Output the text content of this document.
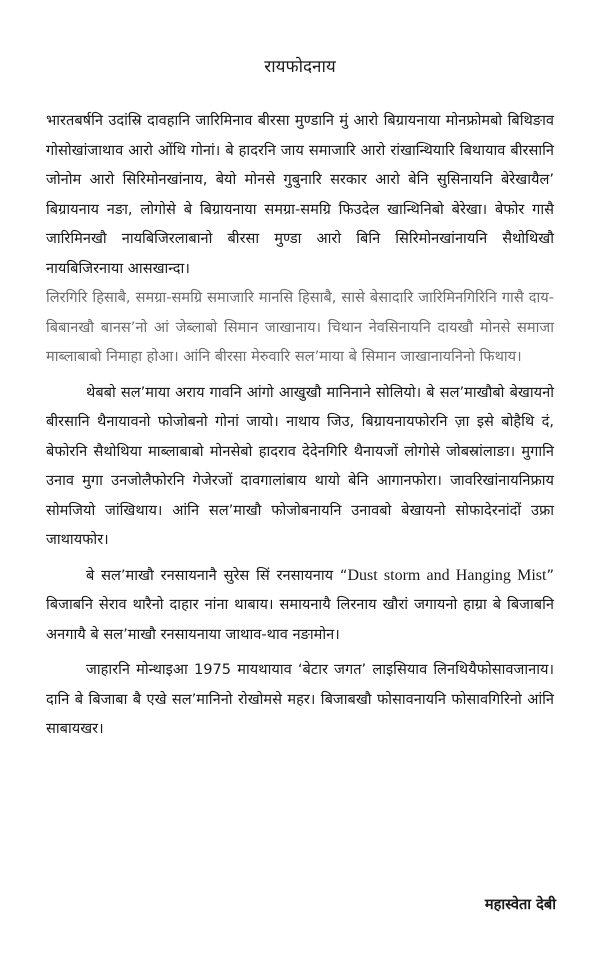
रायफोदनाय

भारतबर्षनि उदांस्रि दावहानि जारिमिनाव बीरसा मुण्डानि मुं आरो बिग्रायनाया मोनफ्रोमबो बिथिङाव गोसोखांजाथाव आरो ओंथि गोनां। बे हादरनि जाय समाजारि आरो रांखान्थियारि बिथायाव बीरसानि जोनोम आरो सिरिमोनखांनाय, बेयो मोनसे गुबुनारि सरकार आरो बेनि सुसिनायनि बेरेखायैल’ बिग्रायनाय नङा, लोगोसे बे बिग्रायनाया समग्रा-समग्रि फिउदेल खान्थिनिबो बेरेखा। बेफोर गासै जारिमिनखौ नायबिजिरलाबानो बीरसा मुण्डा आरो बिनि सिरिमोनखांनायनि सैथोथिखौ नायबिजिरनाया आसखान्दा।

लिरगिरि हिसाबै, समग्रा-समग्रि समाजारि मानसि हिसाबै, सासे बेसादारि जारिमिनगिरिनि गासै दाय-बिबानखौ बानस’नो आं जेब्लाबो सिमान जाखानाय। चिथान नेवसिनायनि दायखौ मोनसे समाजा माब्लाबाबो निमाहा होआ। आंनि बीरसा मेरुवारि सल’माया बे सिमान जाखानायनिनो फिथाय।

थेबबो सल’माया अराय गावनि आंगो आखुखौ मानिनाने सोलियो। बे सल’माखौबो बेखायनो बीरसानि थैनायावनो फोजोबनो गोनां जायो। नाथाय जिउ, बिग्रायनायफोरनि ज़ा इसे बोहैथि दं, बेफोरनि सैथोथिया माब्लाबाबो मोनसेबो हादराव देदेनगिरि थैनायजों लोगोसे जोबस्रांलाङा। मुगानि उनाव मुगा उनजोलैफोरनि गेजेरजों दावगालांबाय थायो बेनि आगानफोरा। जावरिखांनायनिफ्राय सोमजियो जांखिथाय। आंनि सल’माखौ फोजोबनायनि उनावबो बेखायनो सोफादेरनांदों उफ्रा जाथायफोर।

बे सल’माखौ रनसायनानै सुरेस सिं रनसायनाय “Dust storm and Hanging Mist” बिजाबनि सेराव थारैनो दाहार नांना थाबाय। समायनायै लिरनाय खौरां जगायनो हाग्रा बे बिजाबनि अनगायै बे सल’माखौ रनसायनाया जाथाव-थाव नङामोन।

जाहारनि मोन्थाइआ 1975 मायथायाव ‘बेटार जगत’ लाइसियाव लिनथियैफोसावजानाय। दानि बे बिजाबा बै एखे सल’मानिनो रोखोमसे महर। बिजाबखौ फोसावनायनि फोसावगिरिनो आंनि साबायखर।

महास्वेता देबी
